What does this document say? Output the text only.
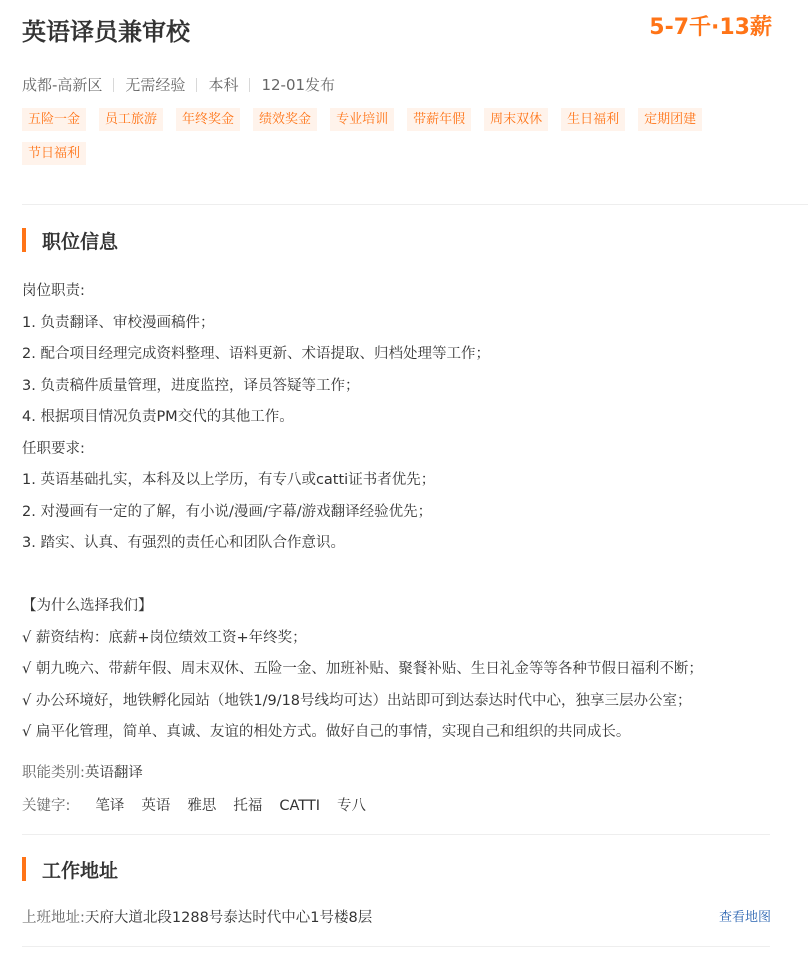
英语译员兼审校	5-7千·13薪
成都-高新区 无需经验 本科 12-01发布
五险一金	员工旅游	年终奖金	绩效奖金	专业培训	带薪年假	周末双休	生日福利	定期团建
节日福利
职位信息
岗位职责:
1. 负责翻译、审校漫画稿件；
2. 配合项目经理完成资料整理、语料更新、术语提取、归档处理等工作；
3. 负责稿件质量管理，进度监控，译员答疑等工作；
4. 根据项目情况负责PM交代的其他工作。
任职要求:
1. 英语基础扎实，本科及以上学历，有专八或catti证书者优先；
2. 对漫画有一定的了解，有小说/漫画/字幕/游戏翻译经验优先；
3. 踏实、认真、有强烈的责任心和团队合作意识。
【为什么选择我们】
√ 薪资结构：底薪+岗位绩效工资+年终奖；
√ 朝九晚六、带薪年假、周末双休、五险一金、加班补贴、聚餐补贴、生日礼金等等各种节假日福利不断；
√ 办公环境好，地铁孵化园站（地铁1/9/18号线均可达）出站即可到达泰达时代中心，独享三层办公室；
√ 扁平化管理，简单、真诚、友谊的相处方式。做好自己的事情，实现自己和组织的共同成长。
职能类别:英语翻译
关键字: 笔译 英语 雅思 托福 CATTI 专八
工作地址
上班地址:天府大道北段1288号泰达时代中心1号楼8层	查看地图
